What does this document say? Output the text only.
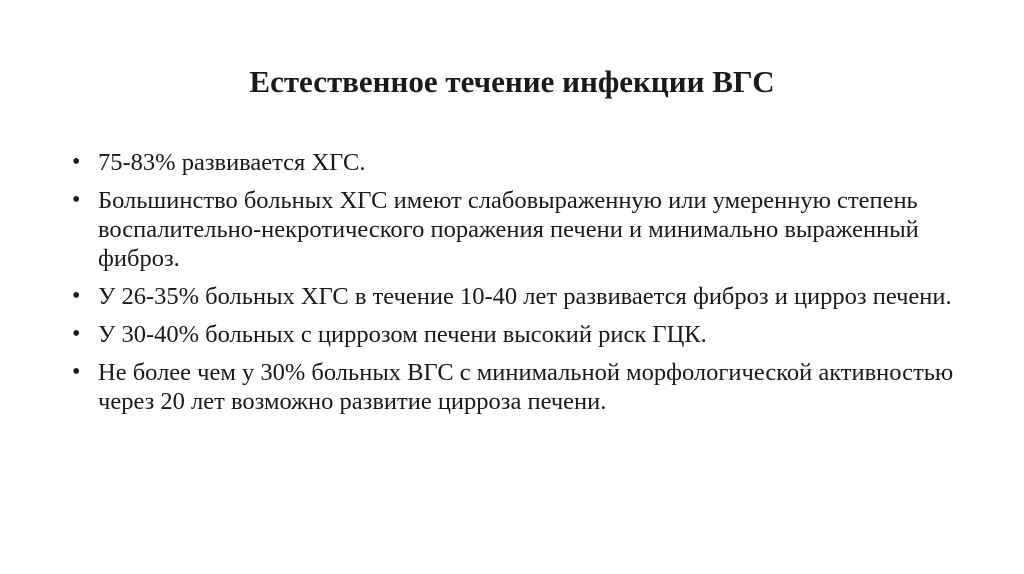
Естественное течение инфекции ВГС
• 75-83% развивается ХГС.
• Большинство больных ХГС имеют слабовыраженную или умеренную степень воспалительно-некротического поражения печени и минимально выраженный фиброз.
• У 26-35% больных ХГС в течение 10-40 лет развивается фиброз и цирроз печени.
• У 30-40% больных с циррозом печени высокий риск ГЦК.
• Не более чем у 30% больных ВГС с минимальной морфологической активностью через 20 лет возможно развитие цирроза печени.
